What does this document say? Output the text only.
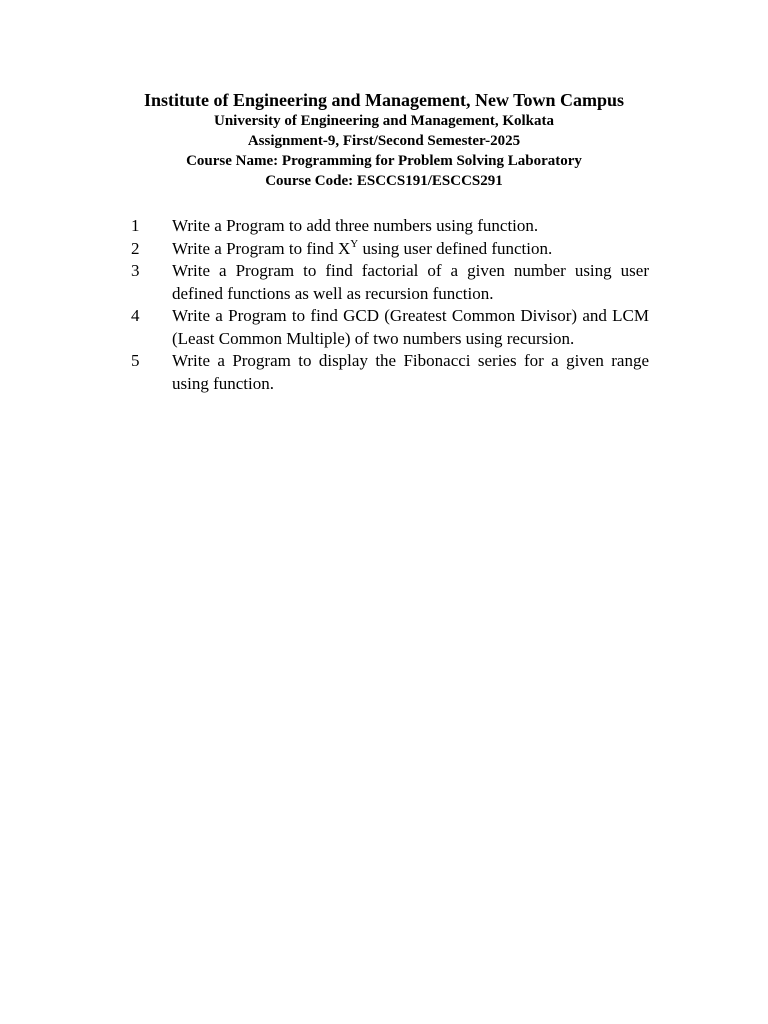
Institute of Engineering and Management, New Town Campus
University of Engineering and Management, Kolkata
Assignment-9, First/Second Semester-2025
Course Name: Programming for Problem Solving Laboratory
Course Code: ESCCS191/ESCCS291
1	Write a Program to add three numbers using function.
2	Write a Program to find $X^Y$ using user defined function.
3	Write a Program to find factorial of a given number using user defined functions as well as recursion function.
4	Write a Program to find GCD (Greatest Common Divisor) and LCM (Least Common Multiple) of two numbers using recursion.
5	Write a Program to display the Fibonacci series for a given range using function.
